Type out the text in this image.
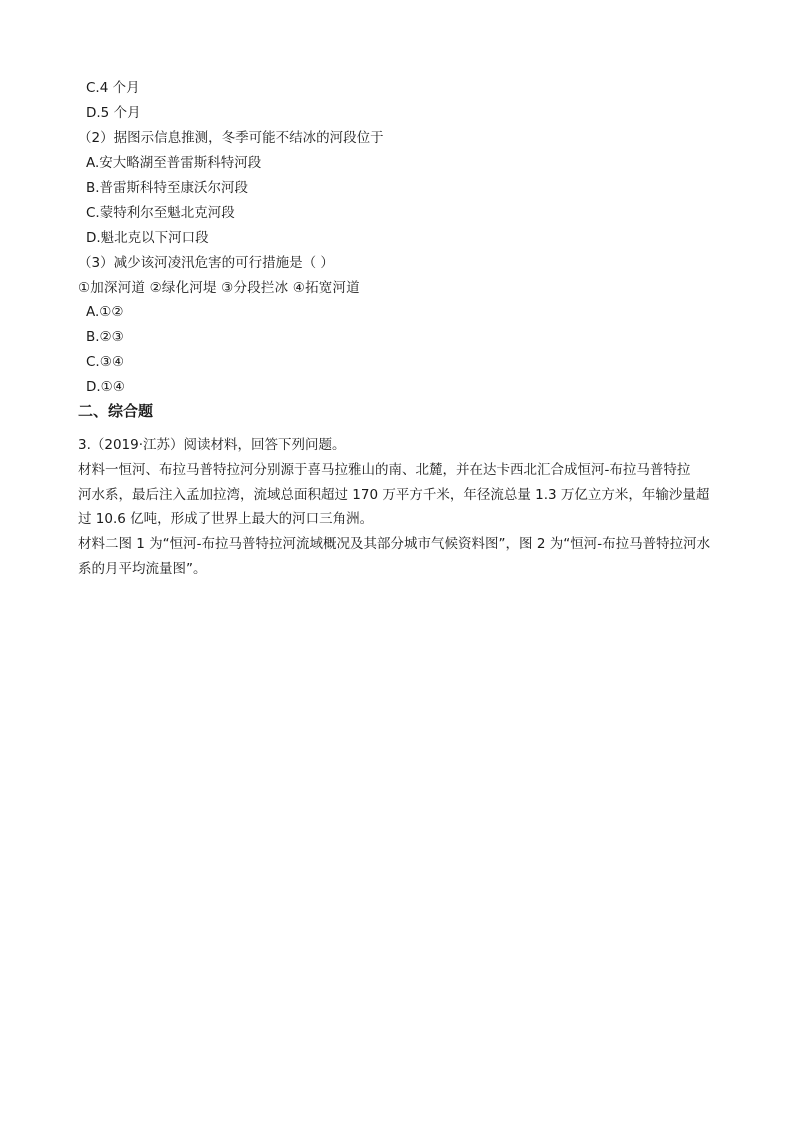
C.4 个月
D.5 个月
（2）据图示信息推测，冬季可能不结冰的河段位于
A.安大略湖至普雷斯科特河段
B.普雷斯科特至康沃尔河段
C.蒙特利尔至魁北克河段
D.魁北克以下河口段
（3）减少该河凌汛危害的可行措施是（ ）
①加深河道 ②绿化河堤 ③分段拦冰 ④拓宽河道
A.①②
B.②③
C.③④
D.①④
二、综合题
3.（2019·江苏）阅读材料，回答下列问题。
材料一恒河、布拉马普特拉河分别源于喜马拉雅山的南、北麓，并在达卡西北汇合成恒河-布拉马普特拉
河水系，最后注入孟加拉湾，流域总面积超过 170 万平方千米，年径流总量 1.3 万亿立方米，年输沙量超
过 10.6 亿吨，形成了世界上最大的河口三角洲。
材料二图 1 为“恒河-布拉马普特拉河流域概况及其部分城市气候资料图”，图 2 为“恒河-布拉马普特拉河水
系的月平均流量图”。
